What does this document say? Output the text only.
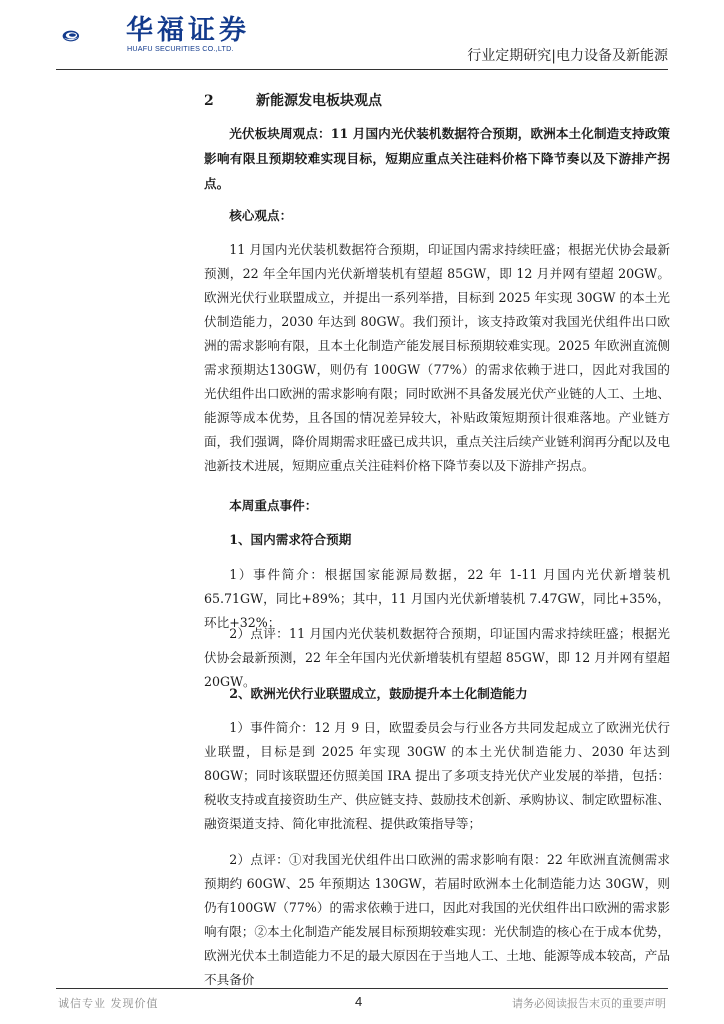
华福证券
HUAFU SECURITIES CO.,LTD.	行业定期研究|电力设备及新能源
2	新能源发电板块观点

光伏板块周观点：11 月国内光伏装机数据符合预期，欧洲本土化制造支持政策影响有限且预期较难实现目标，短期应重点关注硅料价格下降节奏以及下游排产拐点。

核心观点：

11 月国内光伏装机数据符合预期，印证国内需求持续旺盛；根据光伏协会最新预测，22 年全年国内光伏新增装机有望超 85GW，即 12 月并网有望超 20GW。欧洲光伏行业联盟成立，并提出一系列举措，目标到 2025 年实现 30GW 的本土光伏制造能力，2030 年达到 80GW。我们预计，该支持政策对我国光伏组件出口欧洲的需求影响有限，且本土化制造产能发展目标预期较难实现。2025 年欧洲直流侧需求预期达130GW，则仍有 100GW（77%）的需求依赖于进口，因此对我国的光伏组件出口欧洲的需求影响有限；同时欧洲不具备发展光伏产业链的人工、土地、能源等成本优势，且各国的情况差异较大，补贴政策短期预计很难落地。产业链方面，我们强调，降价周期需求旺盛已成共识，重点关注后续产业链利润再分配以及电池新技术进展，短期应重点关注硅料价格下降节奏以及下游排产拐点。

本周重点事件：

1、国内需求符合预期

1）事件简介：根据国家能源局数据，22 年 1-11 月国内光伏新增装机 65.71GW，同比+89%；其中，11 月国内光伏新增装机 7.47GW，同比+35%，环比+32%；

2）点评：11 月国内光伏装机数据符合预期，印证国内需求持续旺盛；根据光伏协会最新预测，22 年全年国内光伏新增装机有望超 85GW，即 12 月并网有望超 20GW。

2、欧洲光伏行业联盟成立，鼓励提升本土化制造能力

1）事件简介：12 月 9 日，欧盟委员会与行业各方共同发起成立了欧洲光伏行业联盟，目标是到 2025 年实现 30GW 的本土光伏制造能力、2030 年达到 80GW；同时该联盟还仿照美国 IRA 提出了多项支持光伏产业发展的举措，包括：税收支持或直接资助生产、供应链支持、鼓励技术创新、承购协议、制定欧盟标准、融资渠道支持、简化审批流程、提供政策指导等；

2）点评：①对我国光伏组件出口欧洲的需求影响有限：22 年欧洲直流侧需求预期约 60GW、25 年预期达 130GW，若届时欧洲本土化制造能力达 30GW，则仍有100GW（77%）的需求依赖于进口，因此对我国的光伏组件出口欧洲的需求影响有限；②本土化制造产能发展目标预期较难实现：光伏制造的核心在于成本优势，欧洲光伏本土制造能力不足的最大原因在于当地人工、土地、能源等成本较高，产品不具备价

诚信专业 发现价值	4	请务必阅读报告末页的重要声明
